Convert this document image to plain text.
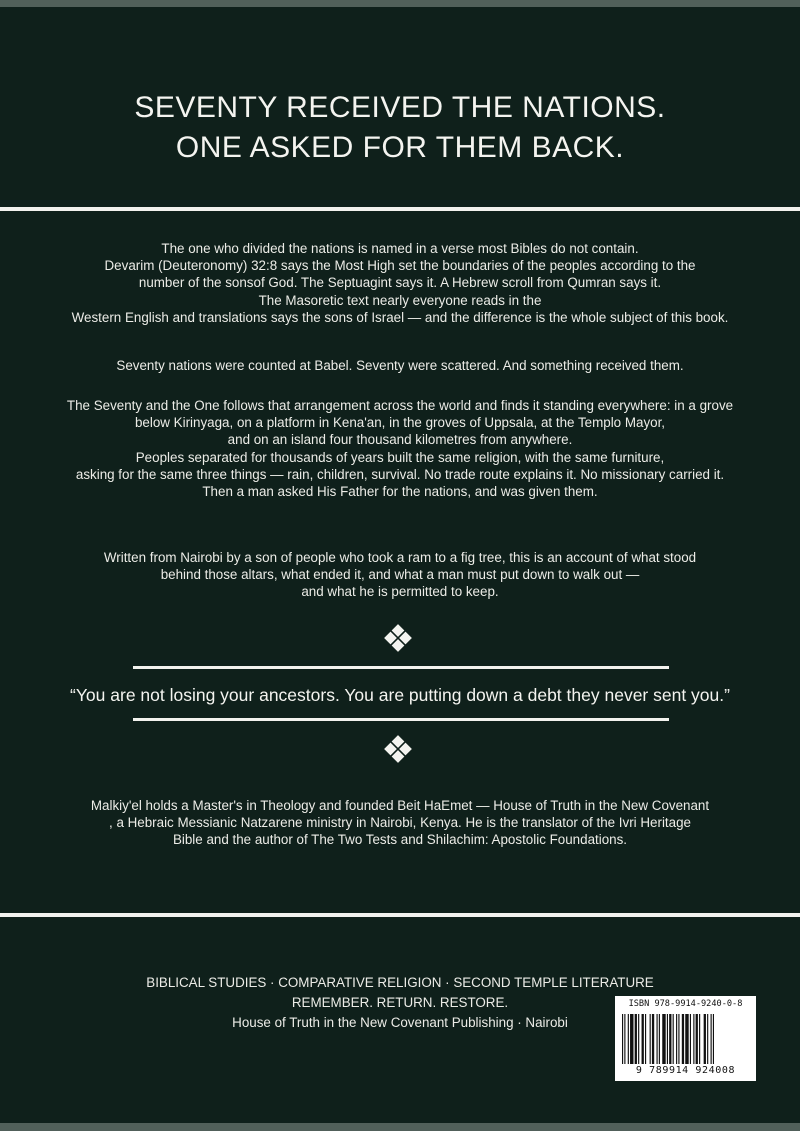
SEVENTY RECEIVED THE NATIONS.
ONE ASKED FOR THEM BACK.
The one who divided the nations is named in a verse most Bibles do not contain.
Devarim (Deuteronomy) 32:8 says the Most High set the boundaries of the peoples according to the
number of the sonsof God. The Septuagint says it. A Hebrew scroll from Qumran says it.
The Masoretic text nearly everyone reads in the
Western English and translations says the sons of Israel — and the difference is the whole subject of this book.
Seventy nations were counted at Babel. Seventy were scattered. And something received them.
The Seventy and the One follows that arrangement across the world and finds it standing everywhere: in a grove
below Kirinyaga, on a platform in Kena'an, in the groves of Uppsala, at the Templo Mayor,
and on an island four thousand kilometres from anywhere.
Peoples separated for thousands of years built the same religion, with the same furniture,
asking for the same three things — rain, children, survival. No trade route explains it. No missionary carried it.
Then a man asked His Father for the nations, and was given them.
Written from Nairobi by a son of people who took a ram to a fig tree, this is an account of what stood
behind those altars, what ended it, and what a man must put down to walk out —
and what he is permitted to keep.
“You are not losing your ancestors. You are putting down a debt they never sent you.”
Malkiy'el holds a Master's in Theology and founded Beit HaEmet — House of Truth in the New Covenant
, a Hebraic Messianic Natzarene ministry in Nairobi, Kenya. He is the translator of the Ivri Heritage
Bible and the author of The Two Tests and Shilachim: Apostolic Foundations.
BIBLICAL STUDIES · COMPARATIVE RELIGION · SECOND TEMPLE LITERATURE
REMEMBER. RETURN. RESTORE.
House of Truth in the New Covenant Publishing · Nairobi
ISBN 978-9914-9240-0-8
9 789914 924008
